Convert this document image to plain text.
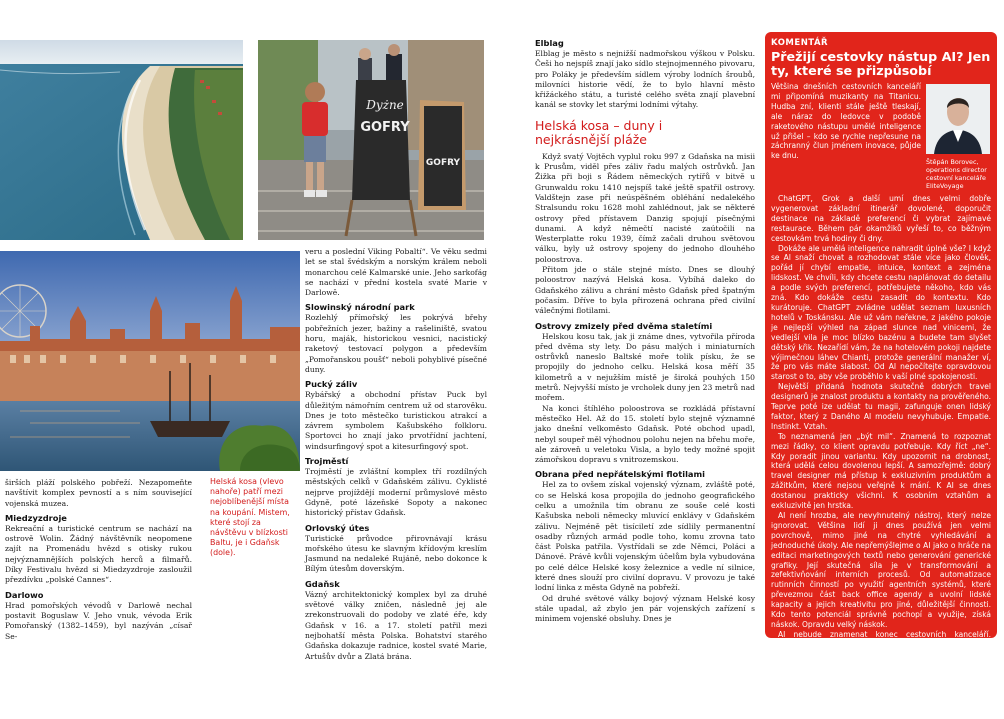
Dyżne
GOFRY
GOFRY

širších pláží polského pobřeží. Nezapomeňte navštívit komplex pevností a s ním související vojenská muzea.

Miedzyzdroje

Rekreační a turistické centrum se nachází na ostrově Wolin. Žádný návštěvník neopomene zajít na Promenádu hvězd s otisky rukou nejvýznamnějších polských herců a filmařů. Díky Festivalu hvězd si Miedzyzdroje zasloužil přezdívku „polské Cannes“.

Darlowo

Hrad pomořských vévodů v Darlowě nechal postavit Boguslaw V. Jeho vnuk, vévoda Erik Pomořanský (1382–1459), byl nazýván „císař Se-

Helská kosa (vlevo nahoře) patří mezi nejoblíbenější místa na koupání. Mistem, které stojí za návštěvu v blízkosti Baltu, je i Gdaňsk (dole).

veru a poslední Viking Pobaltí“. Ve věku sedmi let se stal švédským a norským králem neboli monarchou celé Kalmarské unie. Jeho sarkofág se nachází v přední kostela svaté Marie v Darlowě.

Slowinský národní park

Rozlehlý přímořský les pokrývá břehy pobřežních jezer, bažiny a rašeliniště, svatou horu, maják, historickou vesnici, nacistický raketový testovací polygon a především „Pomořanskou poušť“ neboli pohyblivé písečné duny.

Pucký záliv

Rybářský a obchodní přístav Puck byl důležitým námořním centrem už od starověku. Dnes je toto městečko turistickou atrakcí a závrem symbolem Kašubského folkloru. Sportovci ho znají jako prvotřídní jachtení, windsurfingový spot a kitesurfingový spot.

Trojměstí

Trojměstí je zvláštní komplex tří rozdílných městských celků v Gdaňském zálivu. Cyklisté nejprve projíždějí moderní průmyslové město Gdyně, poté lázeňské Sopoty a nakonec historický přístav Gdaňsk.

Orlovský útes

Turistické průvodce přirovnávají krásu mořského útesu ke slavným křídovým kreslím Jasmund na nedaleké Rujáně, nebo dokonce k Bílým útesům doverským.

Gdaňsk

Vázný architektonický komplex byl za druhé světové války zničen, následně jej ale zrekonstruovali do podoby ve zlaté éře, kdy Gdaňsk v 16. a 17. století patřil mezi nejbohatší města Polska. Bohatství starého Gdaňska dokazuje radnice, kostel svaté Marie, Artušův dvůr a Zlatá brána.

Elblag

Elblag je město s nejnižší nadmořskou výškou v Polsku. Češi ho nejspíš znají jako sídlo stejnojmenného pivovaru, pro Poláky je především sídlem výroby lodních šroubů, milovníci historie vědí, že to bylo hlavní město křižáckého státu, a turisté celého světa znají plavební kanál se stovky let starými lodními výtahy.

Helská kosa – duny i nejkrásnější pláže

Když svatý Vojtěch vyplul roku 997 z Gdaňska na misii k Prusům, viděl přes záliv řadu malých ostrůvků. Jan Žižka při boji s Řádem německých rytířů v bitvě u Grunwaldu roku 1410 nejspíš také ještě spatřil ostrovy. Valdštejn zase při neúspěšném obléhání nedalekého Stralsundu roku 1628 mohl zahlédnout, jak se některé ostrovy před přístavem Danzig spojují písečnými dunami. A když němečtí nacisté zaútočili na Westerplatte roku 1939, čímž začali druhou světovou válku, byly už ostrovy spojeny do jednoho dlouhého poloostrova.

Přitom jde o stále stejné místo. Dnes se dlouhý poloostrov nazývá Helská kosa. Vybíhá daleko do Gdaňského zálivu a chrání město Gdaňsk před špatným počasím. Dříve to byla přirozená ochrana před civilní válečnými flotilami.

Ostrovy zmizely před dvěma staletími

Helskou kosu tak, jak ji známe dnes, vytvořila příroda před dvěma sty lety. Do pásu malých i miniaturních ostrůvků naneslo Baltské moře tolik písku, že se propojily do jednoho celku. Helská kosa měří 35 kilometrů a v nejužším místě je široká pouhých 150 metrů. Nejvyšší místo je vrcholek duny jen 23 metrů nad mořem.

Na konci štíhlého poloostrova se rozkládá přístavní městečko Hel. Až do 15. století bylo stejně významné jako dnešní velkoměsto Gdaňsk. Poté obchod upadl, nebyl soupeř měl výhodnou polohu nejen na břehu moře, ale zároveň u veletoku Visla, a bylo tedy možné spojit zámořskou dopravu s vnitrozemskou.

Obrana před nepřátelskými flotilami

Hel za to ovšem získal vojenský význam, zvláště poté, co se Helská kosa propojila do jednoho geografického celku a umožnila tím obranu ze souše celé kosti Kašubska neboli německy mluvící enklávy v Gdaňském zálivu. Nejméně pět tisíciletí zde sídlily permanentní osadby různých armád podle toho, komu zrovna tato část Polska patřila. Vystřídali se zde Němci, Poláci a Dánové. Právě kvůli vojenským účelům byla vybudována po celé délce Helské kosy železnice a vedle ní silnice, které dnes slouží pro civilní dopravu. V provozu je také lodní linka z města Gdyně na pobřeží.

Od druhé světové války bojový význam Helské kosy stále upadal, až zbylo jen pár vojenských zařízení s minimem vojenské obsluhy. Dnes je

KOMENTÁŘ
Přežijí cestovky nástup AI? Jen ty, které se přizpůsobí

Většina dnešních cestovních kanceláří mi připomíná muzikanty na Titanicu. Hudba zní, klienti stále ještě tleskají, ale náraz do ledovce v podobě raketového nástupu umělé inteligence už přišel – kdo se rychle nepřesune na záchranný člun jménem inovace, půjde ke dnu.

Štěpán Borovec, operations director cestovní kanceláře EliteVoyage

ChatGPT, Grok a další umí dnes velmi dobře vygenerovat základní itinerář dovolené, doporučit destinace na základě preferencí či vybrat zajímavé restaurace. Během pár okamžiků vyřeší to, co běžným cestovkám trvá hodiny či dny.

Dokáže ale umělá inteligence nahradit úplně vše? I když se AI snaží chovat a rozhodovat stále více jako člověk, pořád jí chybí empatie, intuice, kontext a zejména lidskost. Ve chvíli, kdy chcete cestu naplánovat do detailu a podle svých preferencí, potřebujete někoho, kdo vás zná. Kdo dokáže cestu zasadit do kontextu. Kdo kurátoruje. ChatGPT zvládne udělat seznam luxusních hotelů v Toskánsku. Ale už vám neřekne, z jakého pokoje je nejlepší výhled na západ slunce nad vinicemi, že vedlejší vila je moc blízko bazénu a budete tam slyšet dětský křik. Nezařídí vám, že na hotelovém pokoji najdete výjimečnou láhev Chianti, protože generální manažer ví, že pro vás máte slabost. Od AI nepočítejte opravdovou starost o to, aby vše proběhlo k vaší plné spokojenosti.

Největší přidaná hodnota skutečně dobrých travel designerů je znalost produktu a kontakty na prověřeného. Teprve poté ize udělat tu magii, zafunguje onen lidský faktor, který z Daného AI modelu nevyhubuje. Empatie. Instinkt. Vztah.

To neznamená jen „být mil“. Znamená to rozpoznat mezi řádky, co klient opravdu potřebuje. Kdy říct „ne“. Kdy poradit jinou variantu. Kdy upozornit na drobnost, která udělá celou dovolenou lepší. A samozřejmě: dobrý travel designer má přístup k exkluzivním produktům a zážitkům, které nejsou veřejně k mání. K AI se dnes dostanou prakticky všichni. K osobním vztahům a exkluzivitě jen hrstka.

AI není hrozba, ale nevyhnutelný nástroj, který nelze ignorovat. Většina lidí ji dnes používá jen velmi povrchově, mimo jiné na chytré vyhledávání a jednoduché úkoly. Ale nepřemýšlejme o AI jako o hráče na editaci marketingových textů nebo generování generické grafiky. Její skutečná síla je v transformování a zefektivňování interních procesů. Od automatizace rutinních činností po využití agentních systémů, které převezmou část back office agendy a uvolní lidské kapacity a jejich kreativitu pro jiné, důležitější činnosti. Kdo tento potenciál správně pochopí a využije, získá náskok. Opravdu velký náskok.

AI nebude znamenat konec cestovních kanceláří. Způsobí jen přerodi trhu, při kterém zmizí střed. Masovka. Papírové brožury. Generická nabídka. Přežijí a posílí pouze ti, kteří si svou práci dokážou obhájit a klientům přinést skutečnou přidanou hodnotu. Když správně propojíme to nejlepší z AI s tím nejcennějším z naší kréativní profese – znalostí, empatií, kurátorstvím – nebude žádný konec, ale vzrušující začátek. Je čas vyskočit z Titanicu a začít stavět novou superjachtu.
